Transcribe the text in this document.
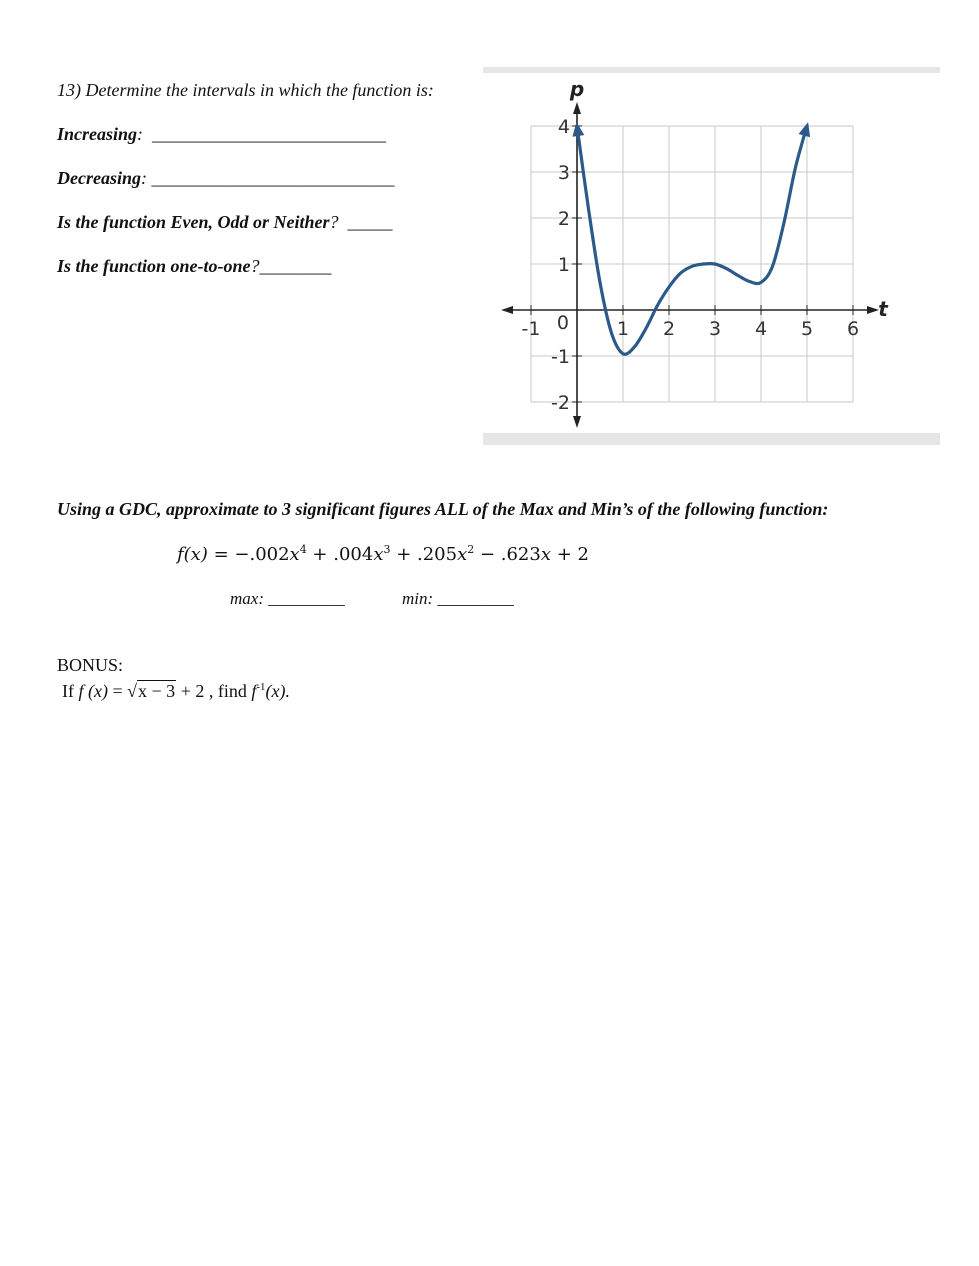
13) Determine the intervals in which the function is:
Increasing: __________________________
Decreasing: ___________________________
Is the function Even, Odd or Neither? _____
Is the function one-to-one?________
-1	1 2 3 4 5 6
4
3
2
1
-1
-2
0
t
p
Using a GDC, approximate to 3 significant figures ALL of the Max and Min’s of the following function:
$f(x) = -.002x^4 + .004x^3 + .205x^2 - .623x + 2$
max: _________	min: _________
BONUS:
If f (x) = √x − 3 + 2 , find $f^{-1}(x)$.
